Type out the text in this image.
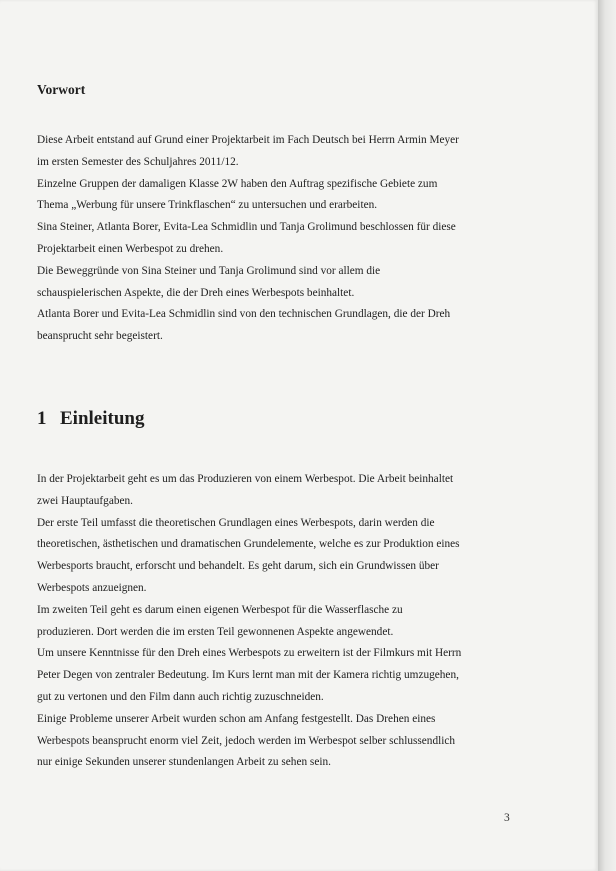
Vorwort

Diese Arbeit entstand auf Grund einer Projektarbeit im Fach Deutsch bei Herrn Armin Meyer

im ersten Semester des Schuljahres 2011/12.

Einzelne Gruppen der damaligen Klasse 2W haben den Auftrag spezifische Gebiete zum

Thema „Werbung für unsere Trinkflaschen“ zu untersuchen und erarbeiten.

Sina Steiner, Atlanta Borer, Evita-Lea Schmidlin und Tanja Grolimund beschlossen für diese

Projektarbeit einen Werbespot zu drehen.

Die Beweggründe von Sina Steiner und Tanja Grolimund sind vor allem die

schauspielerischen Aspekte, die der Dreh eines Werbespots beinhaltet.

Atlanta Borer und Evita-Lea Schmidlin sind von den technischen Grundlagen, die der Dreh

beansprucht sehr begeistert.

1 Einleitung

In der Projektarbeit geht es um das Produzieren von einem Werbespot. Die Arbeit beinhaltet

zwei Hauptaufgaben.

Der erste Teil umfasst die theoretischen Grundlagen eines Werbespots, darin werden die

theoretischen, ästhetischen und dramatischen Grundelemente, welche es zur Produktion eines

Werbesports braucht, erforscht und behandelt. Es geht darum, sich ein Grundwissen über

Werbespots anzueignen.

Im zweiten Teil geht es darum einen eigenen Werbespot für die Wasserflasche zu

produzieren. Dort werden die im ersten Teil gewonnenen Aspekte angewendet.

Um unsere Kenntnisse für den Dreh eines Werbespots zu erweitern ist der Filmkurs mit Herrn

Peter Degen von zentraler Bedeutung. Im Kurs lernt man mit der Kamera richtig umzugehen,

gut zu vertonen und den Film dann auch richtig zuzuschneiden.

Einige Probleme unserer Arbeit wurden schon am Anfang festgestellt. Das Drehen eines

Werbespots beansprucht enorm viel Zeit, jedoch werden im Werbespot selber schlussendlich

nur einige Sekunden unserer stundenlangen Arbeit zu sehen sein.

3
